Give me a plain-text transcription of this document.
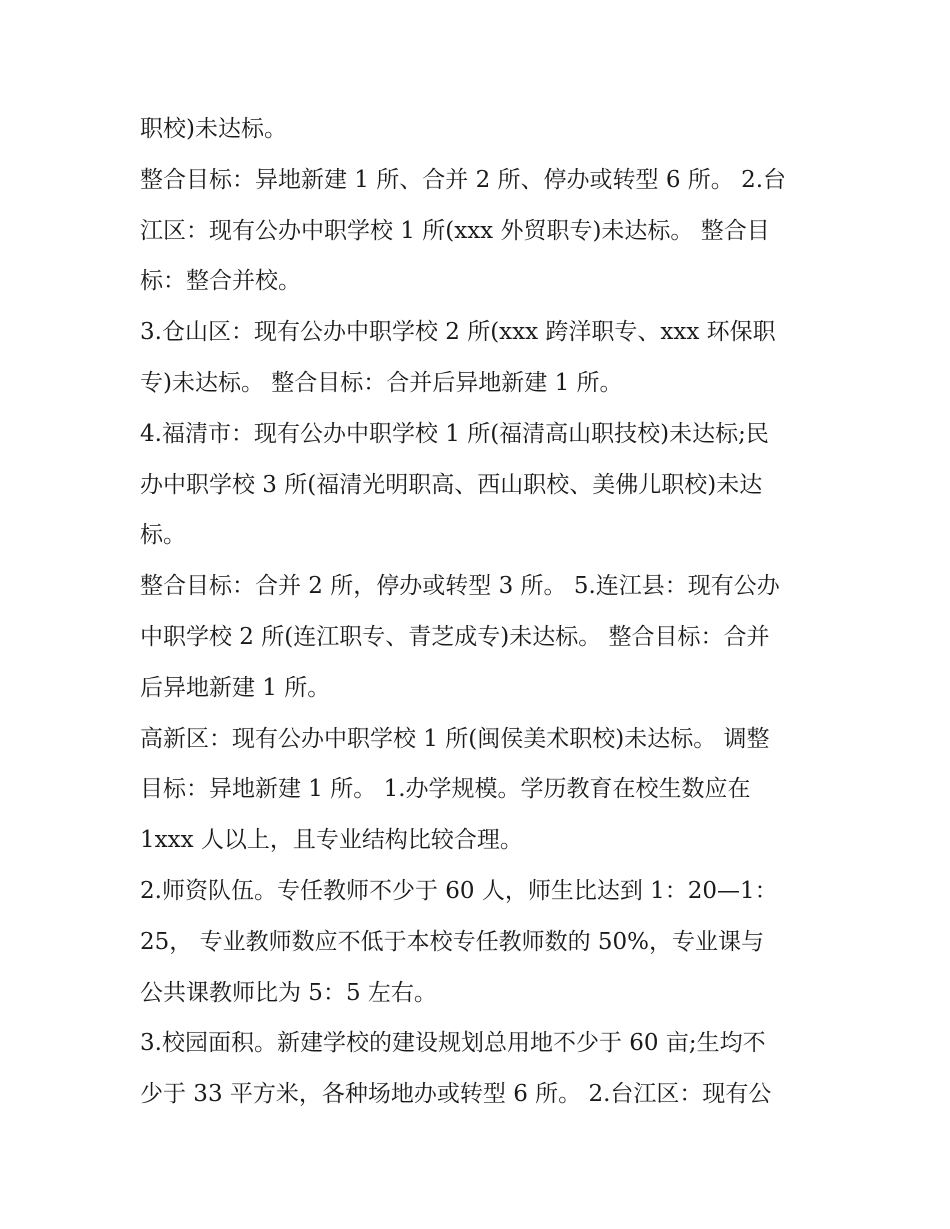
职校)未达标。
整合目标：异地新建 1 所、合并 2 所、停办或转型 6 所。 2.台
江区：现有公办中职学校 1 所(xxx 外贸职专)未达标。 整合目
标：整合并校。
3.仓山区：现有公办中职学校 2 所(xxx 跨洋职专、xxx 环保职
专)未达标。 整合目标：合并后异地新建 1 所。
4.福清市：现有公办中职学校 1 所(福清高山职技校)未达标;民
办中职学校 3 所(福清光明职高、西山职校、美佛儿职校)未达
标。
整合目标：合并 2 所，停办或转型 3 所。 5.连江县：现有公办
中职学校 2 所(连江职专、青芝成专)未达标。 整合目标：合并
后异地新建 1 所。
高新区：现有公办中职学校 1 所(闽侯美术职校)未达标。 调整
目标：异地新建 1 所。 1.办学规模。学历教育在校生数应在
1xxx 人以上，且专业结构比较合理。
2.师资队伍。专任教师不少于 60 人，师生比达到 1：20—1：
25， 专业教师数应不低于本校专任教师数的 50%，专业课与
公共课教师比为 5：5 左右。
3.校园面积。新建学校的建设规划总用地不少于 60 亩;生均不
少于 33 平方米，各种场地办或转型 6 所。 2.台江区：现有公
